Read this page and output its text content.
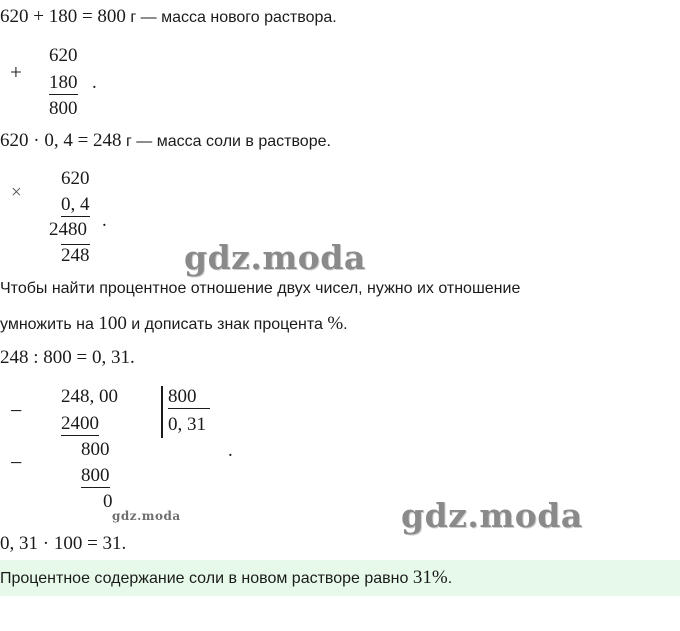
620 + 180 = 800 г — масса нового раствора.
+
620
180
800
.
620 · 0, 4 = 248 г — масса соли в растворе.
×
620
0, 4
2480
248
.
gdz.moda
Чтобы найти процентное отношение двух чисел, нужно их отношение
умножить на 100 и дописать знак процента %.
248 : 800 = 0, 31.
−
248, 00
2400
800
0, 31
−
800
800
0
.
gdz.moda	gdz.moda
0, 31 · 100 = 31.
Процентное содержание соли в новом растворе равно 31%.
